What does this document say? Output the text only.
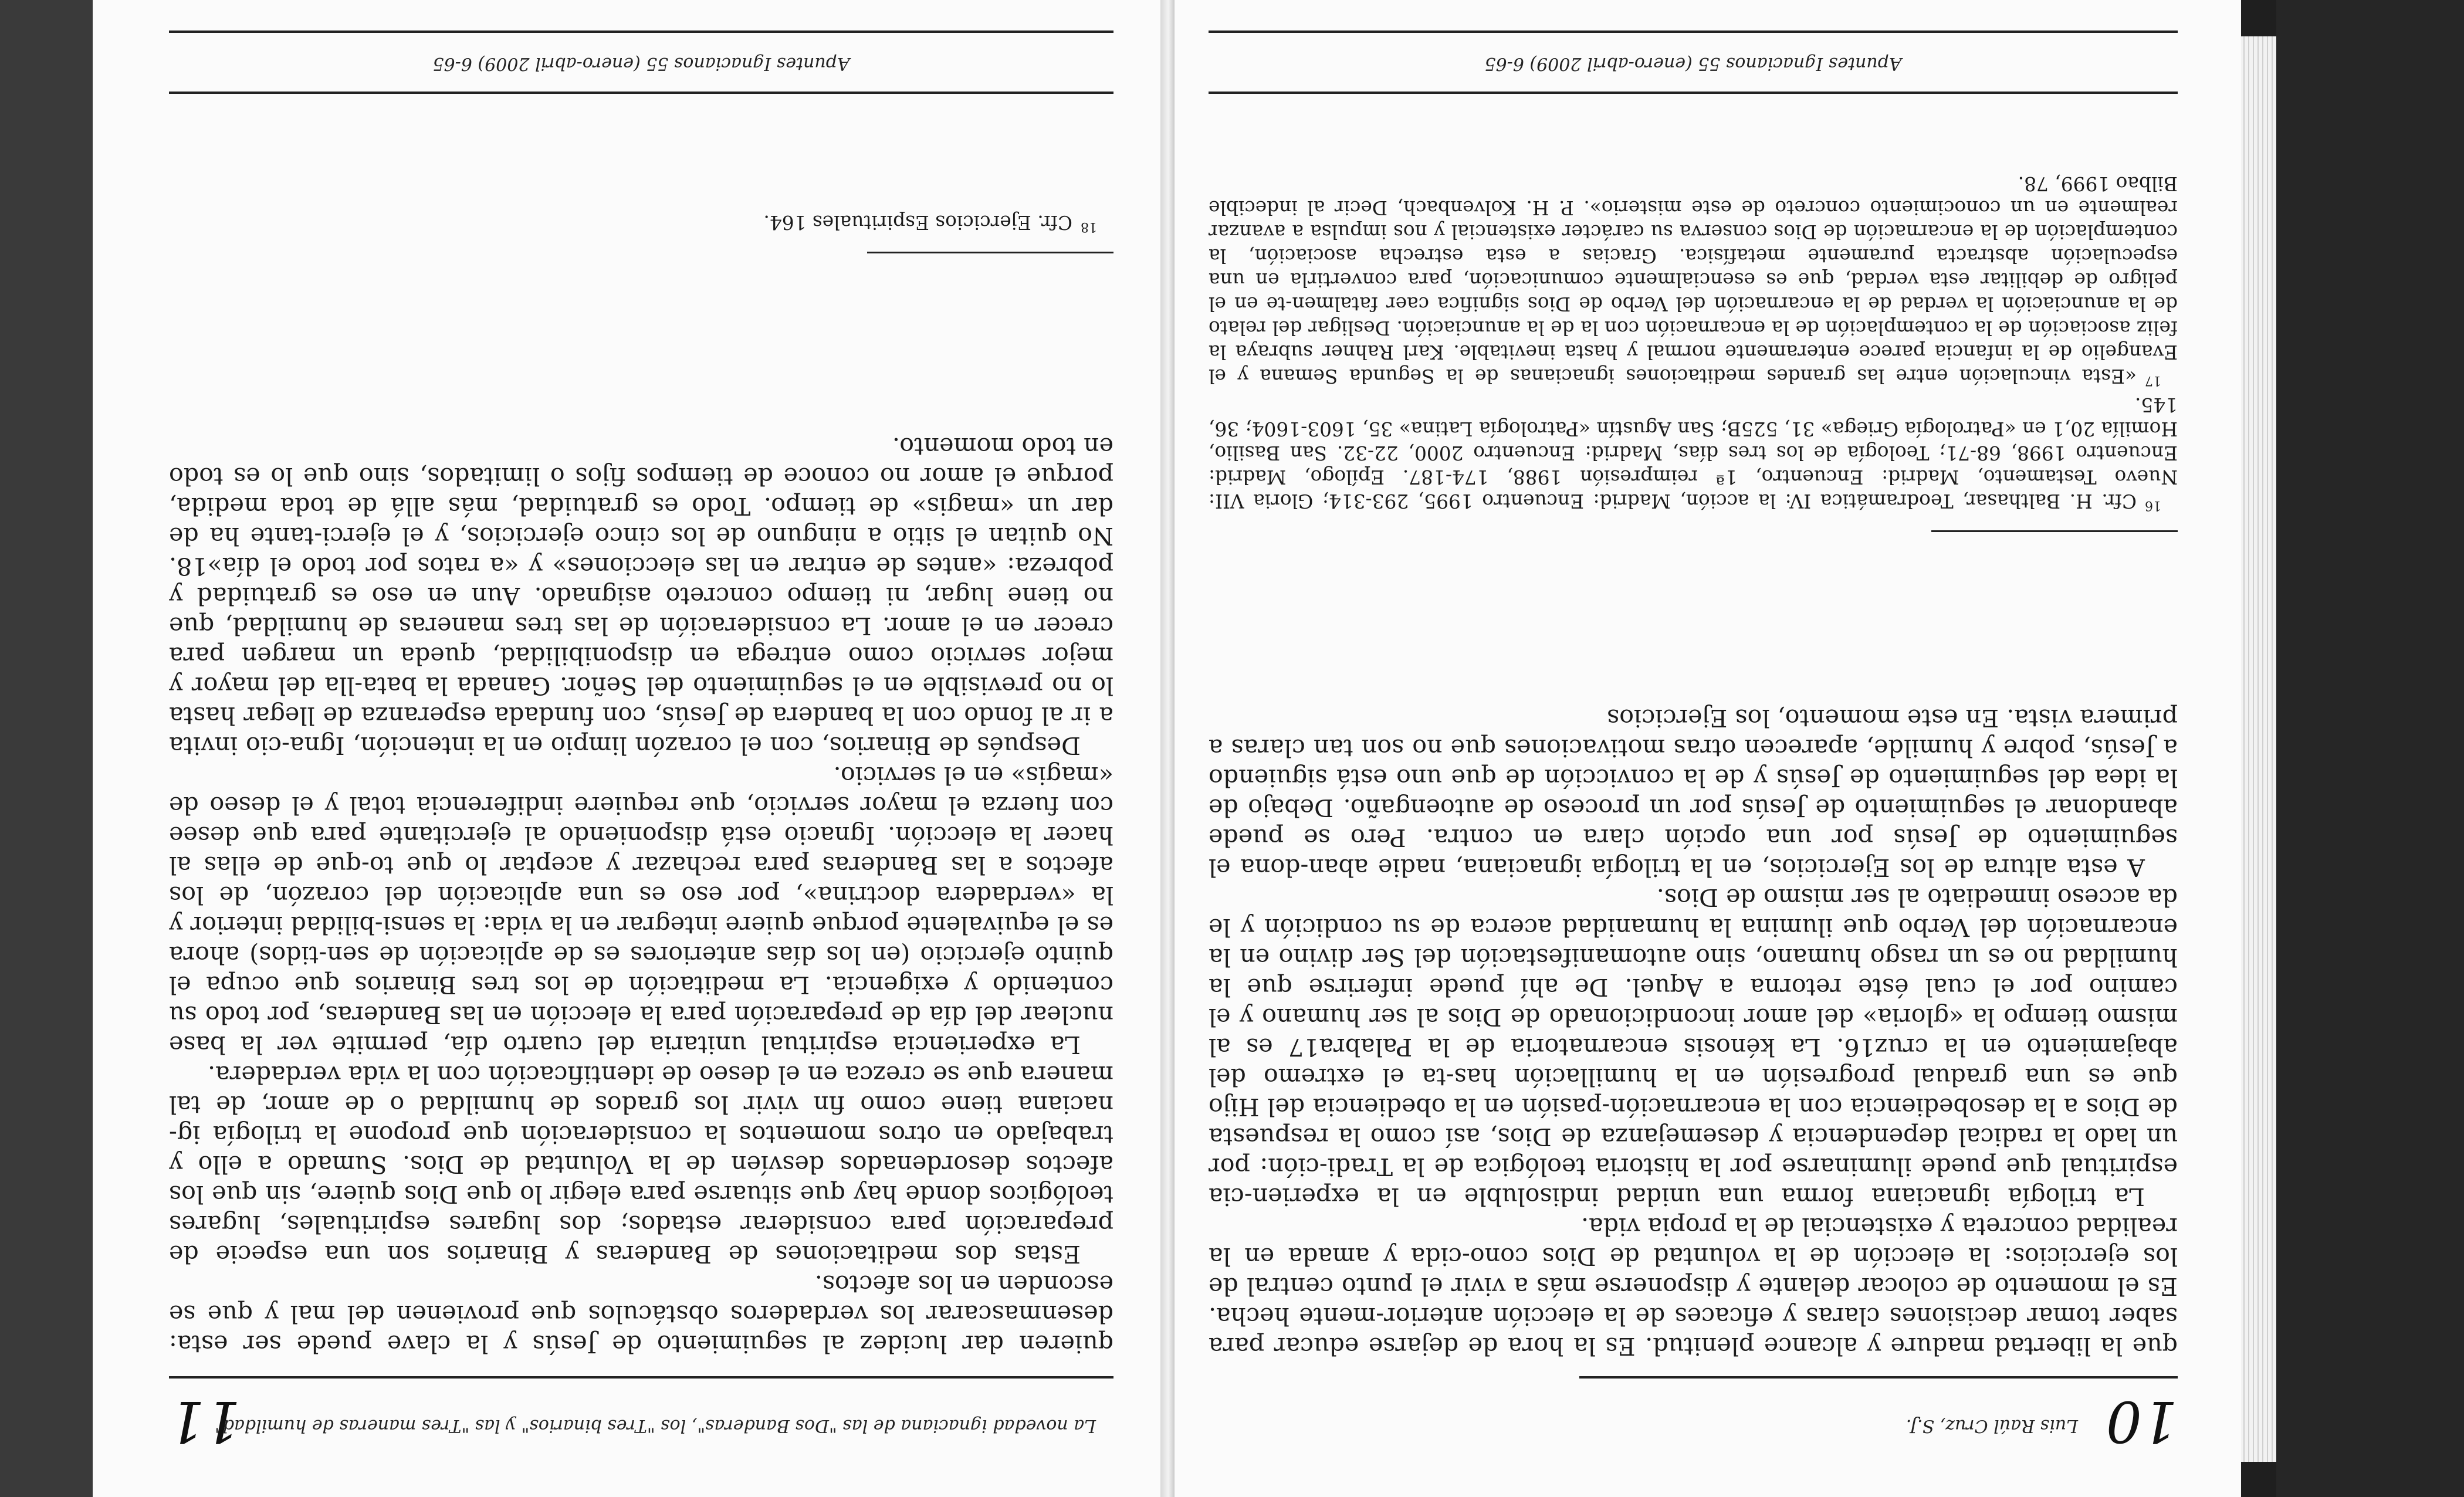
10
Luis Raúl Cruz, S.J.

que la libertad madure y alcance plenitud. Es la hora de dejarse educar para saber tomar decisiones claras y eficaces de la elección anterior-mente hecha. Es el momento de colocar delante y disponerse más a vivir el punto central de los ejercicios: la elección de la voluntad de Dios cono-cida y amada en la realidad concreta y existencial de la propia vida.

La trilogía ignaciana forma una unidad indisoluble en la experien-cia espiritual que puede iluminarse por la historia teológica de la Tradi-ción: por un lado la radical dependencia y desemejanza de Dios, así como la respuesta de Dios a la desobediencia con la encarnación-pasión en la obediencia del Hijo que es una gradual progresión en la humillación has-ta el extremo del abajamiento en la cruz16. La kénosis encarnatoria de la Palabra17 es al mismo tiempo la «gloria» del amor incondicionado de Dios al ser humano y el camino por el cual éste retorna a Aquel. De ahí puede inferirse que la humildad no es un rasgo humano, sino automanifestación del Ser divino en la encarnación del Verbo que ilumina la humanidad acerca de su condición y le da acceso inmediato al ser mismo de Dios.

A esta altura de los Ejercicios, en la trilogía ignaciana, nadie aban-dona el seguimiento de Jesús por una opción clara en contra. Pero se puede abandonar el seguimiento de Jesús por un proceso de autoengaño. Debajo de la idea del seguimiento de Jesús y de la convicción de que uno está siguiendo a Jesús, pobre y humilde, aparecen otras motivaciones que no son tan claras a primera vista. En este momento, los Ejercicios

$^{16}$Cfr. H. Balthasar, Teodramática IV: la acción, Madrid: Encuentro 1995, 293-314; Gloria VII: Nuevo Testamento, Madrid: Encuentro, 1ª reimpresión 1988, 174-187. Epílogo, Madrid: Encuentro 1998, 68-71; Teología de los tres días, Madrid: Encuentro 2000, 22-32. San Basilio, Homilía 20,1 en «Patrología Griega» 31, 525B; San Agustín «Patrología Latina» 35, 1603-1604; 36, 145.

$^{17}$«Esta vinculación entre las grandes meditaciones ignacianas de la Segunda Semana y el Evangelio de la infancia parece enteramente normal y hasta inevitable. Karl Rahner subraya la feliz asociación de la contemplación de la encarnación con la de la anunciación. Desligar del relato de la anunciación la verdad de la encarnación del Verbo de Dios significa caer fatalmen-te en el peligro de debilitar esta verdad, que es esencialmente comunicación, para convertirla en una especulación abstracta puramente metafísica. Gracias a esta estrecha asociación, la contemplación de la encarnación de Dios conserva su carácter existencial y nos impulsa a avanzar realmente en un conocimiento concreto de este misterio». P. H. Kolvenbach, Decir al indecible Bilbao 1999, 78.

Apuntes Ignacianos 55 (enero-abril 2009) 6-65
La novedad ignaciana de las "Dos Banderas", los "Tres binarios" y las "Tres maneras de humildad"
11

quieren dar lucidez al seguimiento de Jesús y la clave puede ser esta: desenmascarar los verdaderos obstáculos que provienen del mal y que se esconden en los afectos.

Estas dos meditaciones de Banderas y Binarios son una especie de preparación para considerar estados; dos lugares espirituales, lugares teológicos donde hay que situarse para elegir lo que Dios quiere, sin que los afectos desordenados desvíen de la Voluntad de Dios. Sumado a ello y trabajado en otros momentos la consideración que propone la trilogía ig-naciana tiene como fin vivir los grados de humildad o de amor, de tal manera que se crezca en el deseo de identificación con la vida verdadera.

La experiencia espiritual unitaria del cuarto día, permite ver la base nuclear del día de preparación para la elección en las Banderas, por todo su contenido y exigencia. La meditación de los tres Binarios que ocupa el quinto ejercicio (en los días anteriores es de aplicación de sen-tidos) ahora es el equivalente porque quiere integrar en la vida: la sensi-bilidad interior y la «verdadera doctrina», por eso es una aplicación del corazón, de los afectos a las Banderas para rechazar y aceptar lo que to-que de ellas al hacer la elección. Ignacio está disponiendo al ejercitante para que desee con fuerza el mayor servicio, que requiere indiferencia total y el deseo de «magis» en el servicio.

Después de Binarios, con el corazón limpio en la intención, Igna-cio invita a ir al fondo con la bandera de Jesús, con fundada esperanza de llegar hasta lo no previsible en el seguimiento del Señor. Ganada la bata-lla del mayor y mejor servicio como entrega en disponibilidad, queda un margen para crecer en el amor. La consideración de las tres maneras de humildad, que no tiene lugar, ni tiempo concreto asignado. Aun en eso es gratuidad y pobreza: «antes de entrar en las elecciones» y «a ratos por todo el día»18. No quitan el sitio a ninguno de los cinco ejercicios, y el ejerci-tante ha de dar un «magis» de tiempo. Todo es gratuidad, más allá de toda medida, porque el amor no conoce de tiempos fijos o limitados, sino que lo es todo en todo momento.

$^{18}$Cfr. Ejercicios Espirituales 164.

Apuntes Ignacianos 55 (enero-abril 2009) 6-65
